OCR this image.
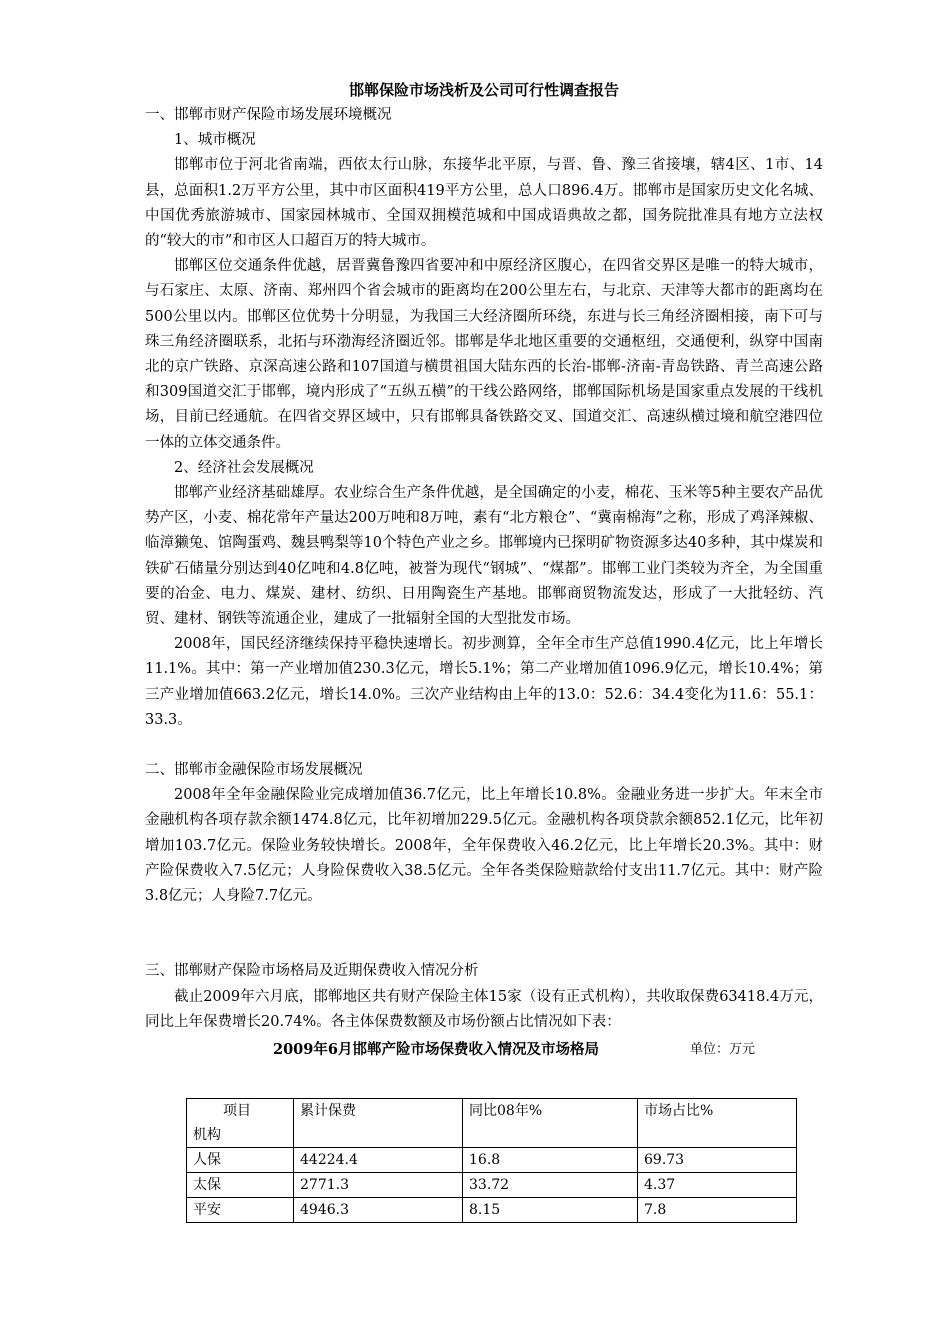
邯郸保险市场浅析及公司可行性调查报告

一、邯郸市财产保险市场发展环境概况

1、城市概况

邯郸市位于河北省南端，西依太行山脉，东接华北平原，与晋、鲁、豫三省接壤，辖4区、1市、14县，总面积1.2万平方公里，其中市区面积419平方公里，总人口896.4万。邯郸市是国家历史文化名城、中国优秀旅游城市、国家园林城市、全国双拥模范城和中国成语典故之都，国务院批准具有地方立法权的“较大的市”和市区人口超百万的特大城市。

邯郸区位交通条件优越，居晋冀鲁豫四省要冲和中原经济区腹心，在四省交界区是唯一的特大城市，与石家庄、太原、济南、郑州四个省会城市的距离均在200公里左右，与北京、天津等大都市的距离均在500公里以内。邯郸区位优势十分明显，为我国三大经济圈所环绕，东进与长三角经济圈相接，南下可与珠三角经济圈联系，北拓与环渤海经济圈近邻。邯郸是华北地区重要的交通枢纽，交通便利，纵穿中国南北的京广铁路、京深高速公路和107国道与横贯祖国大陆东西的长治-邯郸-济南-青岛铁路、青兰高速公路和309国道交汇于邯郸，境内形成了“五纵五横”的干线公路网络，邯郸国际机场是国家重点发展的干线机场，目前已经通航。在四省交界区域中，只有邯郸具备铁路交叉、国道交汇、高速纵横过境和航空港四位一体的立体交通条件。

2、经济社会发展概况

邯郸产业经济基础雄厚。农业综合生产条件优越，是全国确定的小麦，棉花、玉米等5种主要农产品优势产区，小麦、棉花常年产量达200万吨和8万吨，素有“北方粮仓”、“冀南棉海”之称，形成了鸡泽辣椒、临漳獭兔、馆陶蛋鸡、魏县鸭梨等10个特色产业之乡。邯郸境内已探明矿物资源多达40多种，其中煤炭和铁矿石储量分别达到40亿吨和4.8亿吨，被誉为现代“钢城”、“煤都”。邯郸工业门类较为齐全，为全国重要的冶金、电力、煤炭、建材、纺织、日用陶瓷生产基地。邯郸商贸物流发达，形成了一大批轻纺、汽贸、建材、钢铁等流通企业，建成了一批辐射全国的大型批发市场。

2008年，国民经济继续保持平稳快速增长。初步测算，全年全市生产总值1990.4亿元，比上年增长11.1%。其中：第一产业增加值230.3亿元，增长5.1%；第二产业增加值1096.9亿元，增长10.4%；第三产业增加值663.2亿元，增长14.0%。三次产业结构由上年的13.0：52.6：34.4变化为11.6：55.1：33.3。

二、邯郸市金融保险市场发展概况

2008年全年金融保险业完成增加值36.7亿元，比上年增长10.8%。金融业务进一步扩大。年末全市金融机构各项存款余额1474.8亿元，比年初增加229.5亿元。金融机构各项贷款余额852.1亿元，比年初增加103.7亿元。保险业务较快增长。2008年，全年保费收入46.2亿元，比上年增长20.3%。其中：财产险保费收入7.5亿元；人身险保费收入38.5亿元。全年各类保险赔款给付支出11.7亿元。其中：财产险3.8亿元；人身险7.7亿元。

三、邯郸财产保险市场格局及近期保费收入情况分析

截止2009年六月底，邯郸地区共有财产保险主体15家（设有正式机构），共收取保费63418.4万元，同比上年保费增长20.74%。各主体保费数额及市场份额占比情况如下表：

2009年6月邯郸产险市场保费收入情况及市场格局	单位：万元
项目
机构	累计保费	同比08年%	市场占比%
人保	44224.4	16.8	69.73
太保	2771.3	33.72	4.37
平安	4946.3	8.15	7.8
